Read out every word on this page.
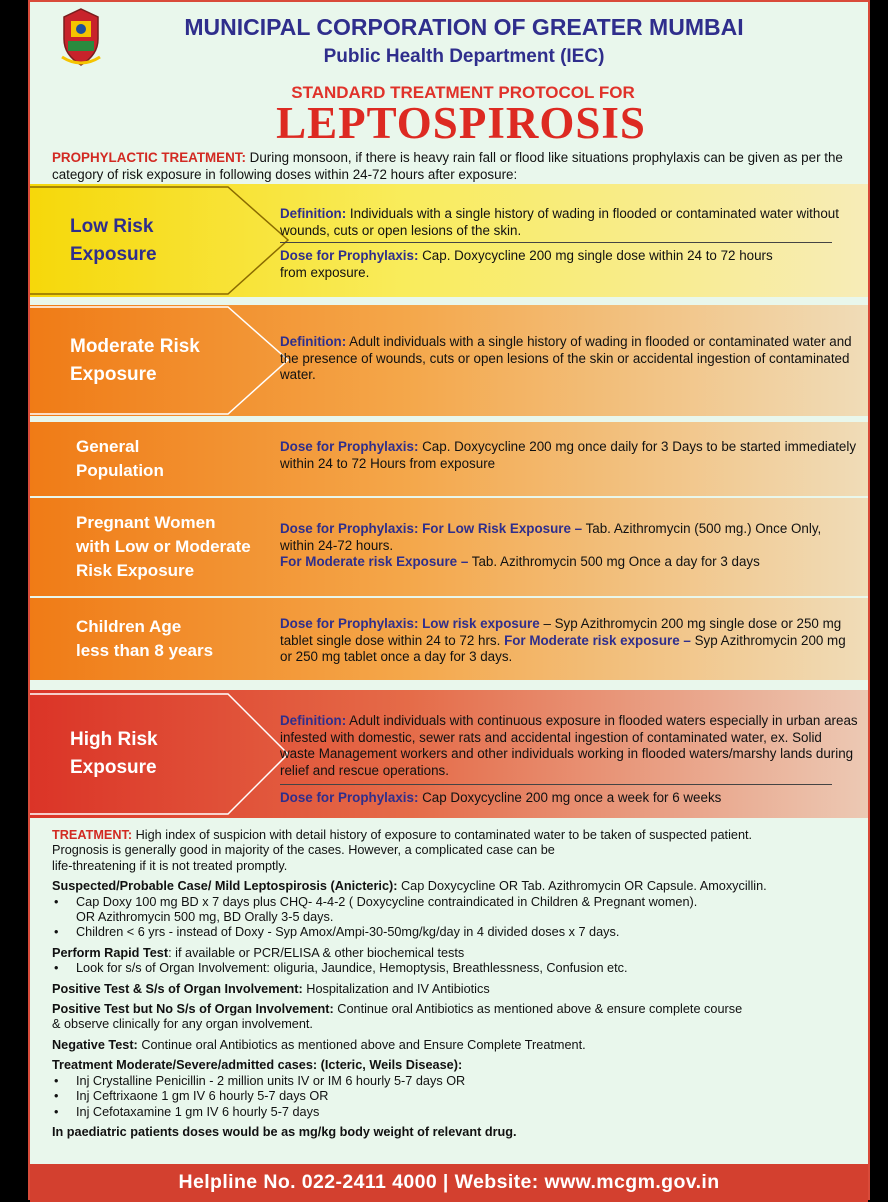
MUNICIPAL CORPORATION OF GREATER MUMBAI
Public Health Department (IEC)
STANDARD TREATMENT PROTOCOL FOR
LEPTOSPIROSIS
PROPHYLACTIC TREATMENT: During monsoon, if there is heavy rain fall or flood like situations prophylaxis can be given as per the category of risk exposure in following doses within 24-72 hours after exposure:
Low Risk
Exposure
Definition: Individuals with a single history of wading in flooded or contaminated water without wounds, cuts or open lesions of the skin.
Dose for Prophylaxis: Cap. Doxycycline 200 mg single dose within 24 to 72 hours from exposure.
Moderate Risk
Exposure
Definition: Adult individuals with a single history of wading in flooded or contaminated water and the presence of wounds, cuts or open lesions of the skin or accidental ingestion of contaminated water.
General
Population
Dose for Prophylaxis: Cap. Doxycycline 200 mg once daily for 3 Days to be started immediately within 24 to 72 Hours from exposure
Pregnant Women
with Low or Moderate
Risk Exposure
Dose for Prophylaxis: For Low Risk Exposure – Tab. Azithromycin (500 mg.) Once Only, within 24-72 hours.
For Moderate risk Exposure – Tab. Azithromycin 500 mg Once a day for 3 days
Children Age
less than 8 years
Dose for Prophylaxis: Low risk exposure – Syp Azithromycin 200 mg single dose or 250 mg tablet single dose within 24 to 72 hrs. For Moderate risk exposure – Syp Azithromycin 200 mg or 250 mg tablet once a day for 3 days.
High Risk
Exposure
Definition: Adult individuals with continuous exposure in flooded waters especially in urban areas infested with domestic, sewer rats and accidental ingestion of contaminated water, ex. Solid waste Management workers and other individuals working in flooded waters/marshy lands during relief and rescue operations.
Dose for Prophylaxis: Cap Doxycycline 200 mg once a week for 6 weeks

TREATMENT: High index of suspicion with detail history of exposure to contaminated water to be taken of suspected patient.

Prognosis is generally good in majority of the cases. However, a complicated case can be

life-threatening if it is not treated promptly.

Suspected/Probable Case/ Mild Leptospirosis (Anicteric): Cap Doxycycline OR Tab. Azithromycin OR Capsule. Amoxycillin.

• Cap Doxy 100 mg BD x 7 days plus CHQ- 4-4-2 ( Doxycycline contraindicated in Children & Pregnant women).
OR Azithromycin 500 mg, BD Orally 3-5 days.
• Children < 6 yrs - instead of Doxy - Syp Amox/Ampi-30-50mg/kg/day in 4 divided doses x 7 days.

Perform Rapid Test: if available or PCR/ELISA & other biochemical tests

• Look for s/s of Organ Involvement: oliguria, Jaundice, Hemoptysis, Breathlessness, Confusion etc.

Positive Test & S/s of Organ Involvement: Hospitalization and IV Antibiotics

Positive Test but No S/s of Organ Involvement: Continue oral Antibiotics as mentioned above & ensure complete course

& observe clinically for any organ involvement.

Negative Test: Continue oral Antibiotics as mentioned above and Ensure Complete Treatment.

Treatment Moderate/Severe/admitted cases: (Icteric, Weils Disease):

• Inj Crystalline Penicillin - 2 million units IV or IM 6 hourly 5-7 days OR
• Inj Ceftrixaone 1 gm IV 6 hourly 5-7 days OR
• Inj Cefotaxamine 1 gm IV 6 hourly 5-7 days

In paediatric patients doses would be as mg/kg body weight of relevant drug.

Helpline No. 022-2411 4000 | Website: www.mcgm.gov.in
